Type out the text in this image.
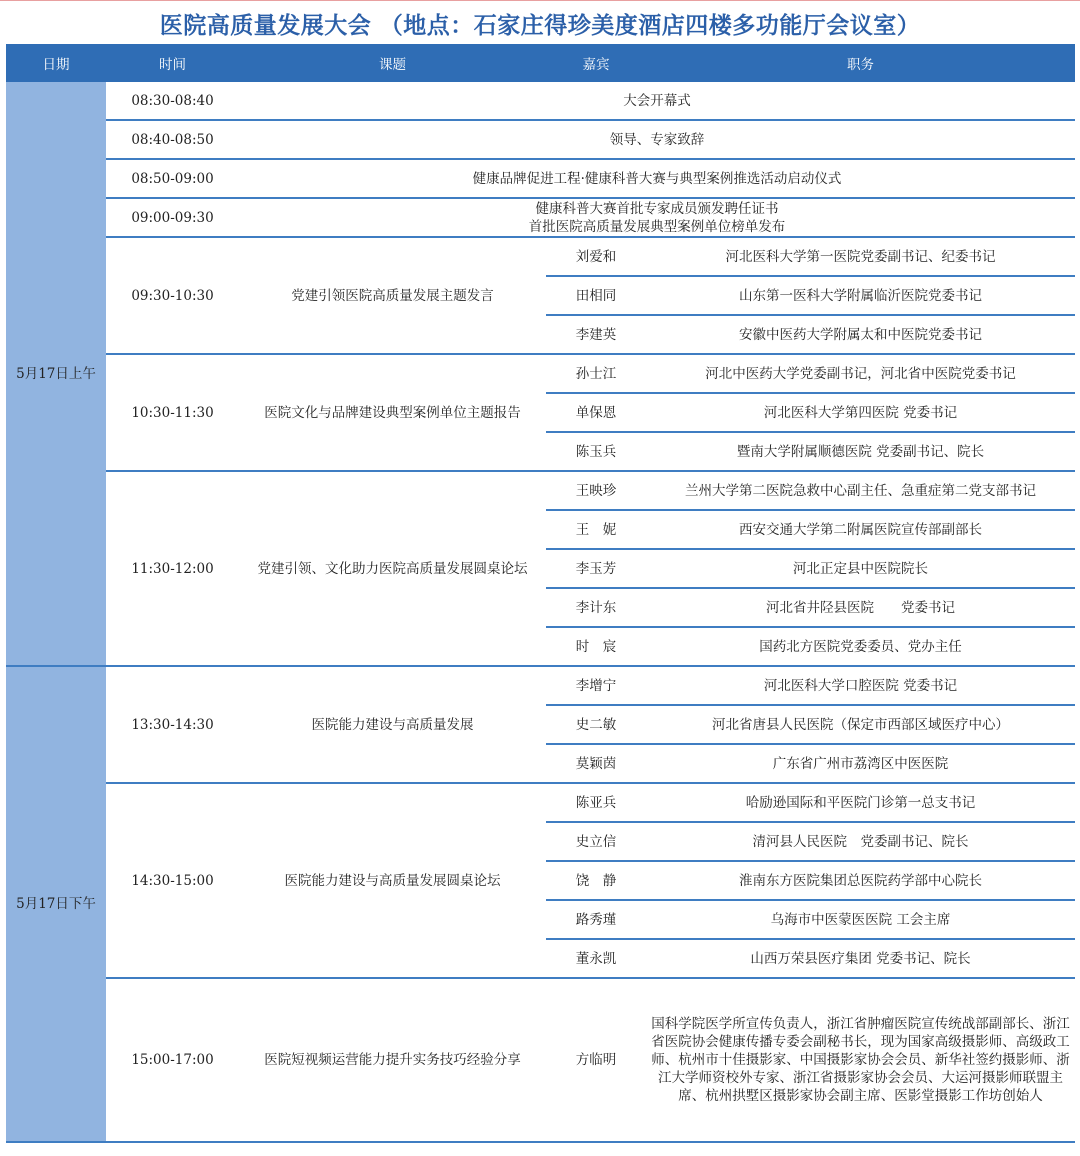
医院高质量发展大会 （地点：石家庄得珍美度酒店四楼多功能厅会议室）
日期	时间	课题	嘉宾	职务
5月17日上午	08:30-08:40	大会开幕式		
	08:40-08:50	领导、专家致辞		
	08:50-09:00	健康品牌促进工程·健康科普大赛与典型案例推选活动启动仪式		
	09:00-09:30	健康科普大赛首批专家成员颁发聘任证书
首批医院高质量发展典型案例单位榜单发布		

	09:30-10:30	党建引领医院高质量发展主题发言	刘爱和	河北医科大学第一医院党委副书记、纪委书记
			田相同	山东第一医科大学附属临沂医院党委书记
			李建英	安徽中医药大学附属太和中医院党委书记
	10:30-11:30	医院文化与品牌建设典型案例单位主题报告	孙士江	河北中医药大学党委副书记，河北省中医院党委书记
			单保恩	河北医科大学第四医院 党委书记
			陈玉兵	暨南大学附属顺德医院 党委副书记、院长
	11:30-12:00	党建引领、文化助力医院高质量发展圆桌论坛	王映珍	兰州大学第二医院急救中心副主任、急重症第二党支部书记
			王　妮	西安交通大学第二附属医院宣传部副部长
			李玉芳	河北正定县中医院院长
			李计东	河北省井陉县医院　　党委书记
			时　宸	国药北方医院党委委员、党办主任
5月17日下午	13:30-14:30	医院能力建设与高质量发展	李增宁	河北医科大学口腔医院 党委书记
			史二敏	河北省唐县人民医院（保定市西部区域医疗中心）
			莫颖茵	广东省广州市荔湾区中医医院
	14:30-15:00	医院能力建设与高质量发展圆桌论坛	陈亚兵	哈励逊国际和平医院门诊第一总支书记
			史立信	清河县人民医院　党委副书记、院长
			饶　静	淮南东方医院集团总医院药学部中心院长
			路秀瑾	乌海市中医蒙医医院 工会主席
			董永凯	山西万荣县医疗集团 党委书记、院长
	15:00-17:00	医院短视频运营能力提升实务技巧经验分享	方临明	国科学院医学所宣传负责人，浙江省肿瘤医院宣传统战部副部长、浙江省医院协会健康传播专委会副秘书长，现为国家高级摄影师、高级政工师、杭州市十佳摄影家、中国摄影家协会会员、新华社签约摄影师、浙江大学师资校外专家、浙江省摄影家协会会员、大运河摄影师联盟主席、杭州拱墅区摄影家协会副主席、医影堂摄影工作坊创始人
